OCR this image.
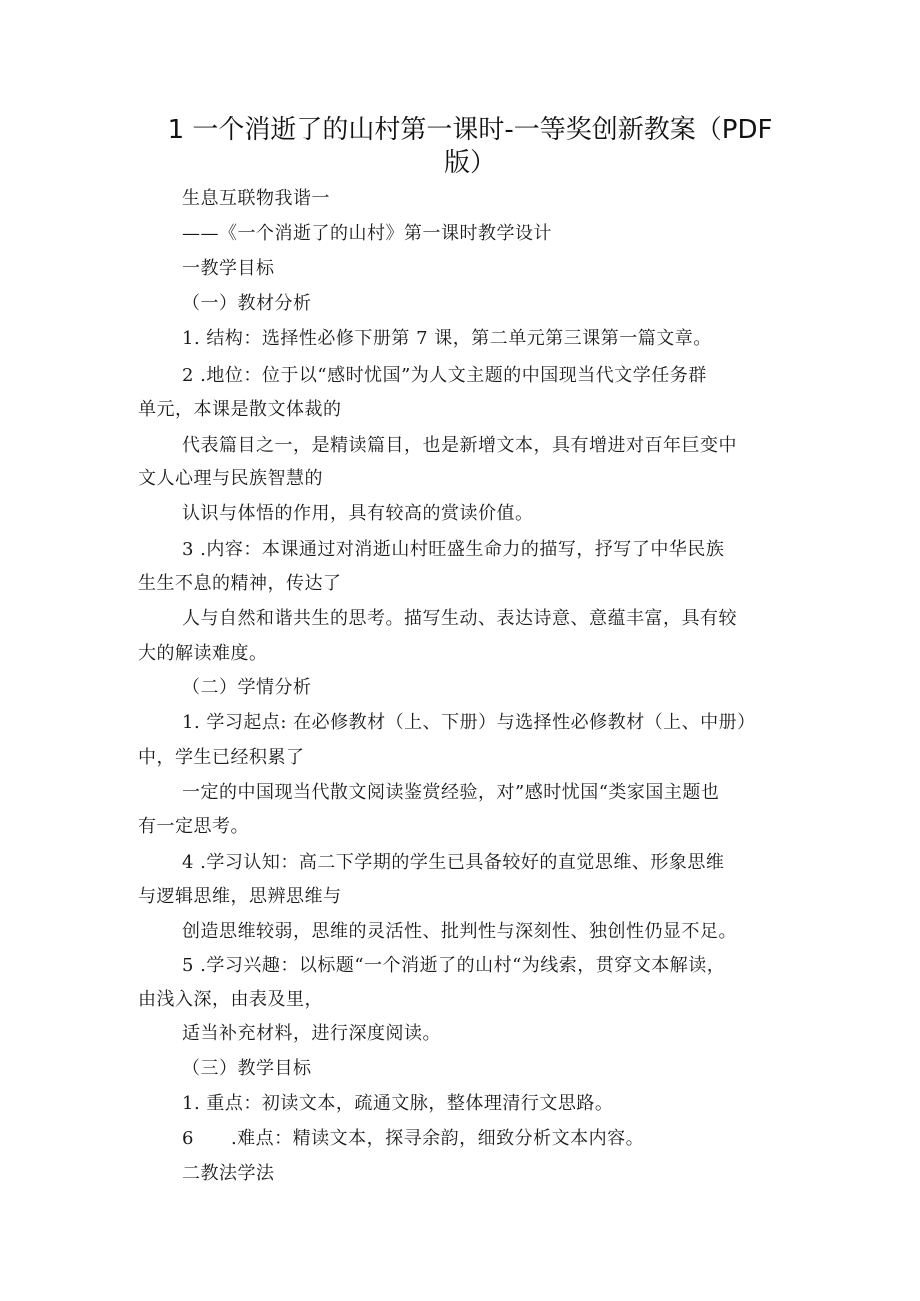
1 一个消逝了的山村第一课时-一等奖创新教案（PDF
版）
生息互联物我谐一
——《一个消逝了的山村》第一课时教学设计
一教学目标
（一）教材分析
1. 结构：选择性必修下册第 7 课，第二单元第三课第一篇文章。
2 .地位：位于以“感时忧国”为人文主题的中国现当代文学任务群
单元，本课是散文体裁的
代表篇目之一，是精读篇目，也是新增文本，具有增进对百年巨变中
文人心理与民族智慧的
认识与体悟的作用，具有较高的赏读价值。
3 .内容：本课通过对消逝山村旺盛生命力的描写，抒写了中华民族
生生不息的精神，传达了
人与自然和谐共生的思考。描写生动、表达诗意、意蕴丰富，具有较
大的解读难度。
（二）学情分析
1. 学习起点: 在必修教材（上、下册）与选择性必修教材（上、中册）
中，学生已经积累了
一定的中国现当代散文阅读鉴赏经验，对”感时忧国“类家国主题也
有一定思考。
4 .学习认知：高二下学期的学生已具备较好的直觉思维、形象思维
与逻辑思维，思辨思维与
创造思维较弱，思维的灵活性、批判性与深刻性、独创性仍显不足。
5 .学习兴趣：以标题“一个消逝了的山村“为线索，贯穿文本解读，
由浅入深，由表及里，
适当补充材料，进行深度阅读。
（三）教学目标
1. 重点：初读文本，疏通文脉，整体理清行文思路。
6　　.难点：精读文本，探寻余韵，细致分析文本内容。
二教法学法
